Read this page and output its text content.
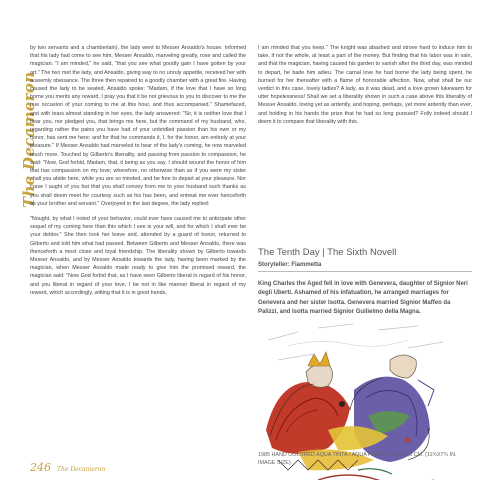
The Decameron

by two servants and a chamberlain), the lady went to Messer Ansaldo's house. Informed that his lady had come to see him, Messer Ansaldo, marveling greatly, rose and called the magician. "I am minded," he said, "that you see what goodly gain I have gotten by your art." The two met the lady, and Ansaldo, giving way to no unruly appetite, received her with a seemly obeisance. The three then repaired to a goodly chamber with a great fire. Having caused the lady to be seated, Ansaldo spoke: "Madam, if the love that I have so long borne you merits any reward, I pray you that it be not grievous to you to discover to me the true occasion of your coming to me at this hour, and thus accompanied." Shamefaced, and with tears almost standing in her eyes, the lady answered: "Sir, it is neither love that I bear you, nor pledged you, that brings me here, but the command of my husband, who, regarding rather the pains you have had of your unbridled passion than his own or my honor, has sent me here; and for that he commands it, I, for the honor, am entirely at your pleasure." If Messer Ansaldo had marveled to hear of the lady's coming, he now marveled much more. Touched by Gilberto's liberality, and passing from passion to compassion, he said: "Now, God forbid, Madam, that, it being as you say, I should wound the honor of him that has compassion on my love; wherefore, no otherwise than as if you were my sister shall you abide here, while you are so minded, and be free to depart at your pleasure. Nor crave I aught of you but that you shall convey from me to your husband such thanks as you shall deem meet for courtesy such as his has been, and entreat me ever henceforth as your brother and servant." Overjoyed in the last degree, the lady replied:

"Nought, by what I noted of your behavior, could ever have caused me to anticipate other sequel of my coming here than this which I see is your will, and for which I shall ever be your debtor." She then took her leave and, attended by a guard of honor, returned to Gilberto and told him what had passed. Between Gilberto and Messer Ansaldo, there was thenceforth a most close and loyal friendship. The liberality shown by Gilberto towards Messer Ansaldo, and by Messer Ansaldo towards the lady, having been marked by the magician, when Messer Ansaldo made ready to give him the promised reward, the magician said: "Now God forbid that, as I have seen Gilberto liberal in regard of his honor, and you liberal in regard of your love, I be not in like manner liberal in regard of my reward, which accordingly, witting that it is in good hands,

I am minded that you keep." The knight was abashed and strove hard to induce him to take, if not the whole, at least a part of the money. But finding that his labor was in vain, and that the magician, having caused his garden to vanish after the third day, was minded to depart, he bade him adieu. The carnal love he had borne the lady being spent, he burned for her thereafter with a flame of honorable affection. Now, what shall be our verdict in this case, lovely ladies? A lady, as it was dead, and a love grown lukewarm for utter hopelessness! Shall we set a liberality shown in such a case above this liberality of Messer Ansaldo, loving yet as ardently, and hoping, perhaps, yet more ardently than ever, and holding in his hands the prize that he had so long pursued? Folly indeed should I deem it to compare that liberality with this.

The Tenth Day | The Sixth Novell
Storyteller: Fiammetta
King Charles the Aged fell in love with Genevera, daughter of Signior Neri degli Uberti. Ashamed of his infatuation, he arranged marriages for Genevera and her sister Isotta. Genevera married Signior Maffeo da Palizzi, and Isotta married Signior Guilielmo della Magna.
1985 HAND COLORED AQUA TINTA / AQUA FORTE 29,5X19,5 CM. (11¾X7¾ IN. IMAGE SIZE).
246 The Decameron
